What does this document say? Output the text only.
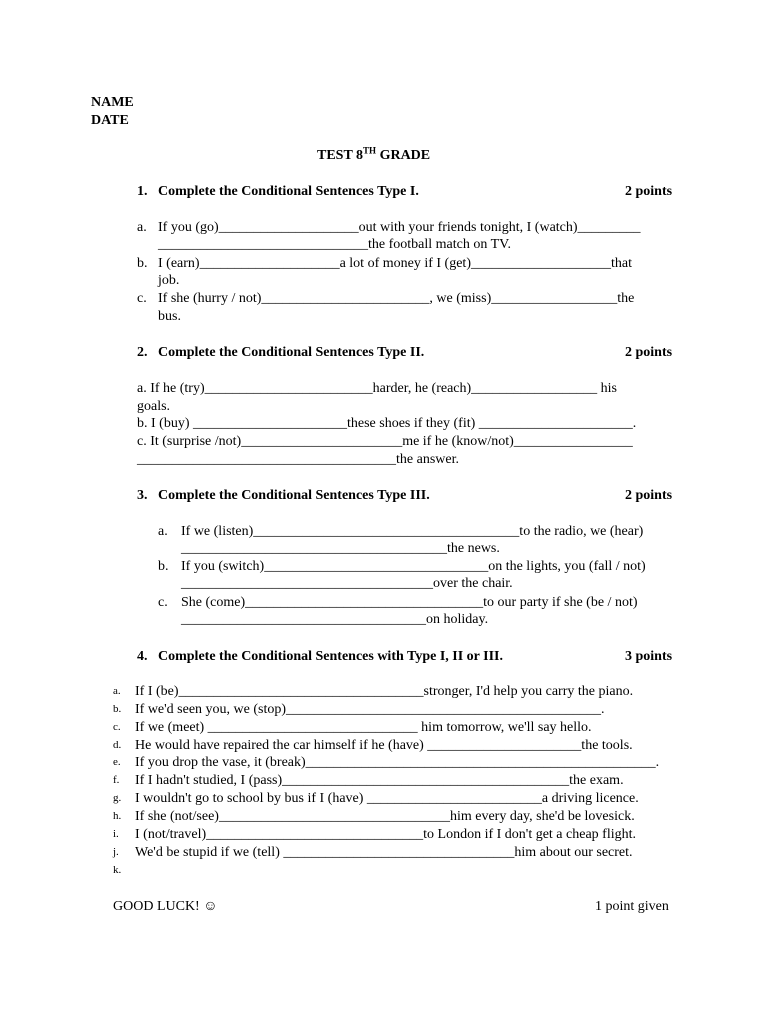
NAME
DATE
TEST 8TH GRADE
1.   Complete the Conditional Sentences Type I.	2 points
a. If you (go)____________________out with your friends tonight, I (watch)_________
______________________________the football match on TV.
b. I (earn)____________________a lot of money if I (get)____________________that
job.
c. If she (hurry / not)________________________, we (miss)__________________the
bus.
2.   Complete the Conditional Sentences Type II.	2 points
a. If he (try)________________________harder, he (reach)__________________ his
goals.
b. I (buy) ______________________these shoes if they (fit) ______________________.
c. It (surprise /not)_______________________me if he (know/not)_________________
_____________________________________the answer.
3.   Complete the Conditional Sentences Type III.	2 points
a. If we (listen)______________________________________to the radio, we (hear)
______________________________________the news.
b. If you (switch)________________________________on the lights, you (fall / not)
____________________________________over the chair.
c. She (come)__________________________________to our party if she (be / not)
___________________________________on holiday.
4.   Complete the Conditional Sentences with Type I, II or III.	3 points
a. If I (be)___________________________________stronger, I'd help you carry the piano.
b. If we'd seen you, we (stop)_____________________________________________.
c. If we (meet) ______________________________ him tomorrow, we'll say hello.
d. He would have repaired the car himself if he (have) ______________________the tools.
e. If you drop the vase, it (break)__________________________________________________.
f. If I hadn't studied, I (pass)_________________________________________the exam.
g. I wouldn't go to school by bus if I (have) _________________________a driving licence.
h. If she (not/see)_________________________________him every day, she'd be lovesick.
i. I (not/travel)_______________________________to London if I don't get a cheap flight.
j. We'd be stupid if we (tell) _________________________________him about our secret.
k.
GOOD LUCK! ☺	1 point given
